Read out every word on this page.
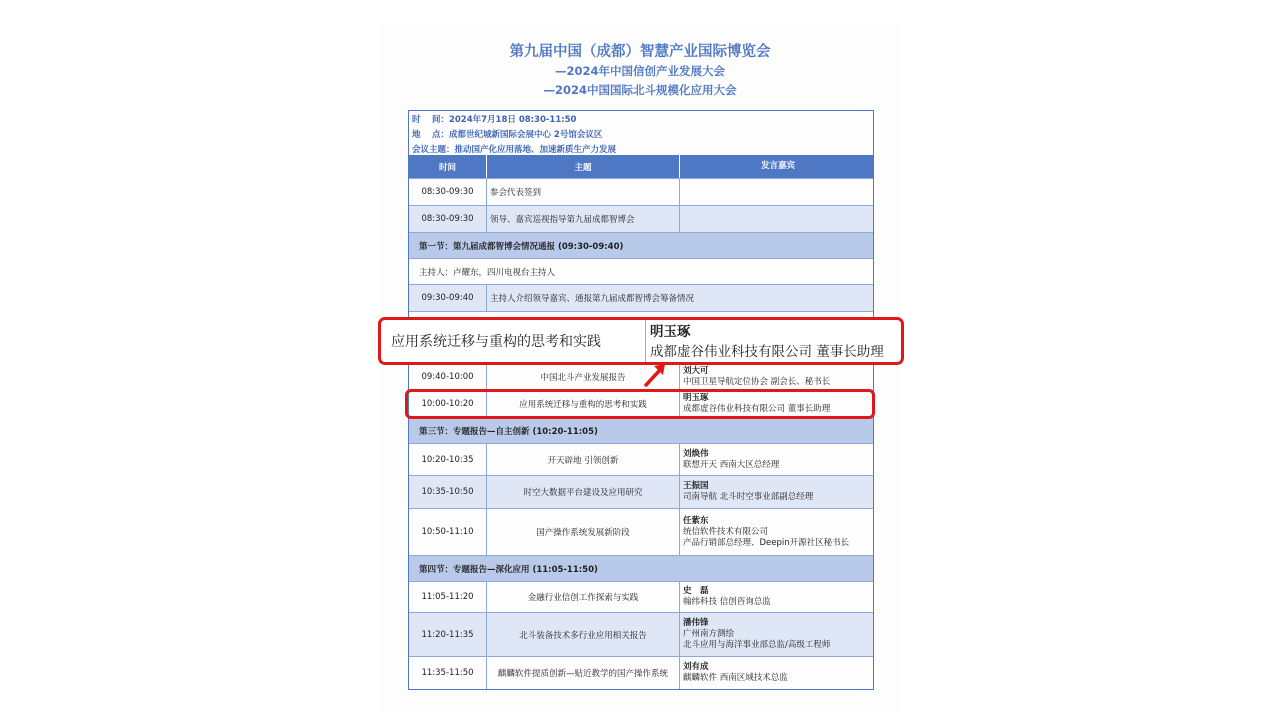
第九届中国（成都）智慧产业国际博览会
—2024年中国信创产业发展大会
—2024中国国际北斗规模化应用大会
时　 间：2024年7月18日 08:30-11:50
地　 点：成都世纪城新国际会展中心 2号馆会议区
会议主题：推动国产化应用落地、加速新质生产力发展
时间	主题	发言嘉宾
08:30-09:30	参会代表签到
08:30-09:30	领导、嘉宾巡视指导第九届成都智博会
第一节：第九届成都智博会情况通报 (09:30-09:40)
主持人：卢耀东，四川电视台主持人
09:30-09:40	主持人介绍领导嘉宾、通报第九届成都智博会筹备情况
09:40-10:00	中国北斗产业发展报告
刘大可
中国卫星导航定位协会 副会长、秘书长
10:00-10:20	应用系统迁移与重构的思考和实践
明玉琢
成都虚谷伟业科技有限公司 董事长助理
第三节：专题报告—自主创新 (10:20-11:05)
10:20-10:35	开天辟地 引领创新
刘焕伟
联想开天 西南大区总经理
10:35-10:50	时空大数据平台建设及应用研究
王振国
司南导航 北斗时空事业部副总经理
10:50-11:10	国产操作系统发展新阶段
任紫东
统信软件技术有限公司
产品行销部总经理、Deepin开源社区秘书长
第四节：专题报告—深化应用 (11:05-11:50)
11:05-11:20	金融行业信创工作探索与实践
史　磊
翰纬科技 信创咨询总监
11:20-11:35	北斗装备技术多行业应用相关报告
潘伟锋
广州南方测绘
北斗应用与海洋事业部总监/高级工程师
11:35-11:50	麒麟软件提质创新—贴近教学的国产操作系统
刘有成
麒麟软件 西南区域技术总监
应用系统迁移与重构的思考和实践
明玉琢
成都虚谷伟业科技有限公司 董事长助理
